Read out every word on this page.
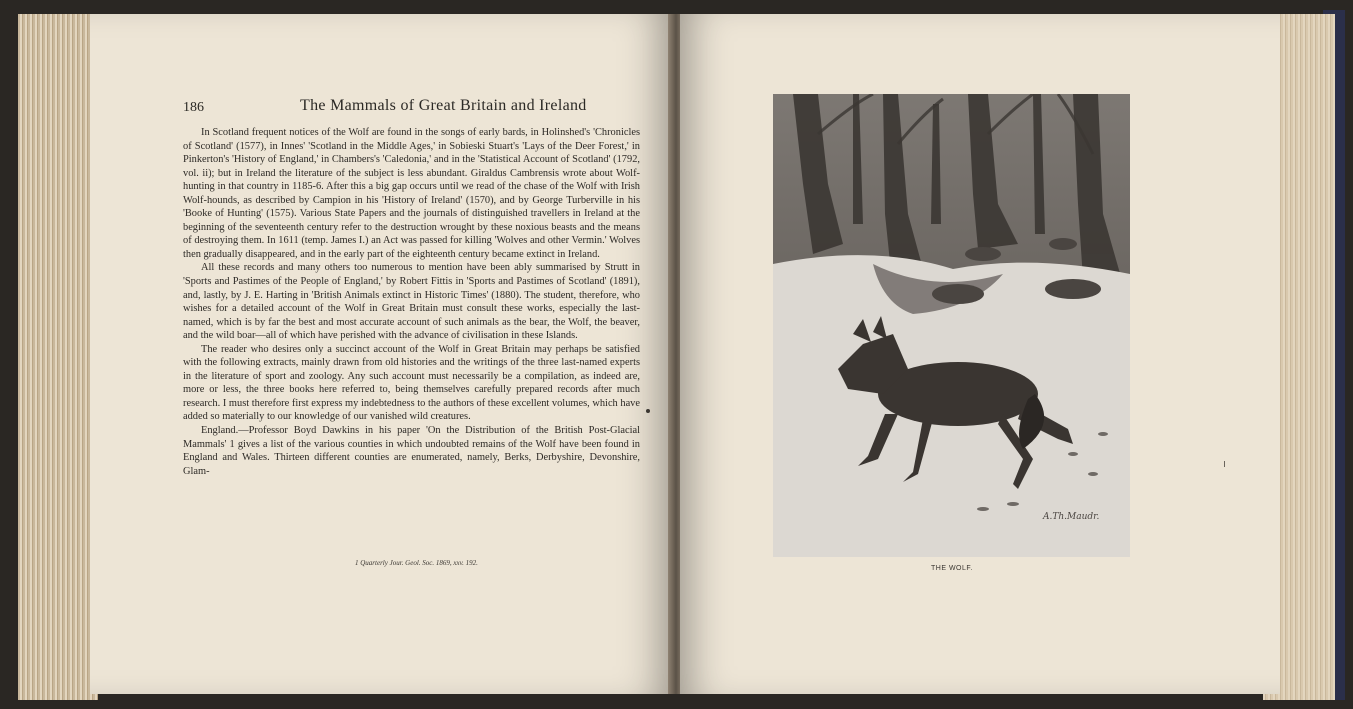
186	The Mammals of Great Britain and Ireland

In Scotland frequent notices of the Wolf are found in the songs of early bards, in Holinshed's 'Chronicles of Scotland' (1577), in Innes' 'Scotland in the Middle Ages,' in Sobieski Stuart's 'Lays of the Deer Forest,' in Pinkerton's 'History of England,' in Chambers's 'Caledonia,' and in the 'Statistical Account of Scotland' (1792, vol. ii); but in Ireland the literature of the subject is less abundant. Giraldus Cambrensis wrote about Wolf-hunting in that country in 1185-6. After this a big gap occurs until we read of the chase of the Wolf with Irish Wolf-hounds, as described by Campion in his 'History of Ireland' (1570), and by George Turberville in his 'Booke of Hunting' (1575). Various State Papers and the journals of distinguished travellers in Ireland at the beginning of the seventeenth century refer to the destruction wrought by these noxious beasts and the means of destroying them. In 1611 (temp. James I.) an Act was passed for killing 'Wolves and other Vermin.' Wolves then gradually disappeared, and in the early part of the eighteenth century became extinct in Ireland.

All these records and many others too numerous to mention have been ably summarised by Strutt in 'Sports and Pastimes of the People of England,' by Robert Fittis in 'Sports and Pastimes of Scotland' (1891), and, lastly, by J. E. Harting in 'British Animals extinct in Historic Times' (1880). The student, therefore, who wishes for a detailed account of the Wolf in Great Britain must consult these works, especially the last-named, which is by far the best and most accurate account of such animals as the bear, the Wolf, the beaver, and the wild boar—all of which have perished with the advance of civilisation in these Islands.

The reader who desires only a succinct account of the Wolf in Great Britain may perhaps be satisfied with the following extracts, mainly drawn from old histories and the writings of the three last-named experts in the literature of sport and zoology. Any such account must necessarily be a compilation, as indeed are, more or less, the three books here referred to, being themselves carefully prepared records after much research. I must therefore first express my indebtedness to the authors of these excellent volumes, which have added so materially to our knowledge of our vanished wild creatures.

England.—Professor Boyd Dawkins in his paper 'On the Distribution of the British Post-Glacial Mammals' 1 gives a list of the various counties in which undoubted remains of the Wolf have been found in England and Wales. Thirteen different counties are enumerated, namely, Berks, Derbyshire, Devonshire, Glam-

1 Quarterly Jour. Geol. Soc. 1869, xxv. 192.
A.Th.Maudr.
THE WOLF.
